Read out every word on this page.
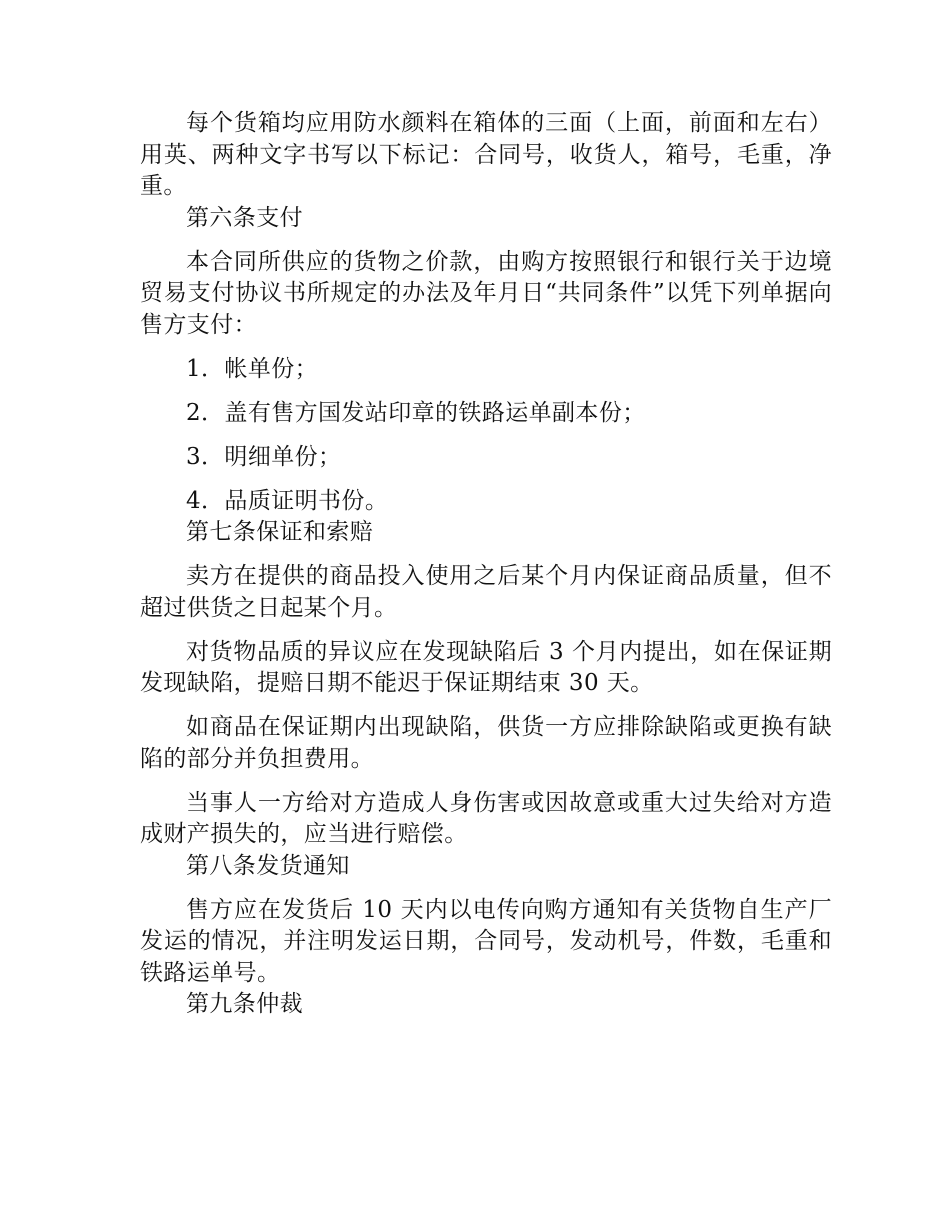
每个货箱均应用防水颜料在箱体的三面（上面，前面和左右）用英、两种文字书写以下标记：合同号，收货人，箱号，毛重，净重。

第六条支付

本合同所供应的货物之价款，由购方按照银行和银行关于边境贸易支付协议书所规定的办法及年月日“共同条件”以凭下列单据向售方支付：

1．帐单份；

2．盖有售方国发站印章的铁路运单副本份；

3．明细单份；

4．品质证明书份。

第七条保证和索赔

卖方在提供的商品投入使用之后某个月内保证商品质量，但不超过供货之日起某个月。

对货物品质的异议应在发现缺陷后 3 个月内提出，如在保证期发现缺陷，提赔日期不能迟于保证期结束 30 天。

如商品在保证期内出现缺陷，供货一方应排除缺陷或更换有缺陷的部分并负担费用。

当事人一方给对方造成人身伤害或因故意或重大过失给对方造成财产损失的，应当进行赔偿。

第八条发货通知

售方应在发货后 10 天内以电传向购方通知有关货物自生产厂发运的情况，并注明发运日期，合同号，发动机号，件数，毛重和铁路运单号。

第九条仲裁
